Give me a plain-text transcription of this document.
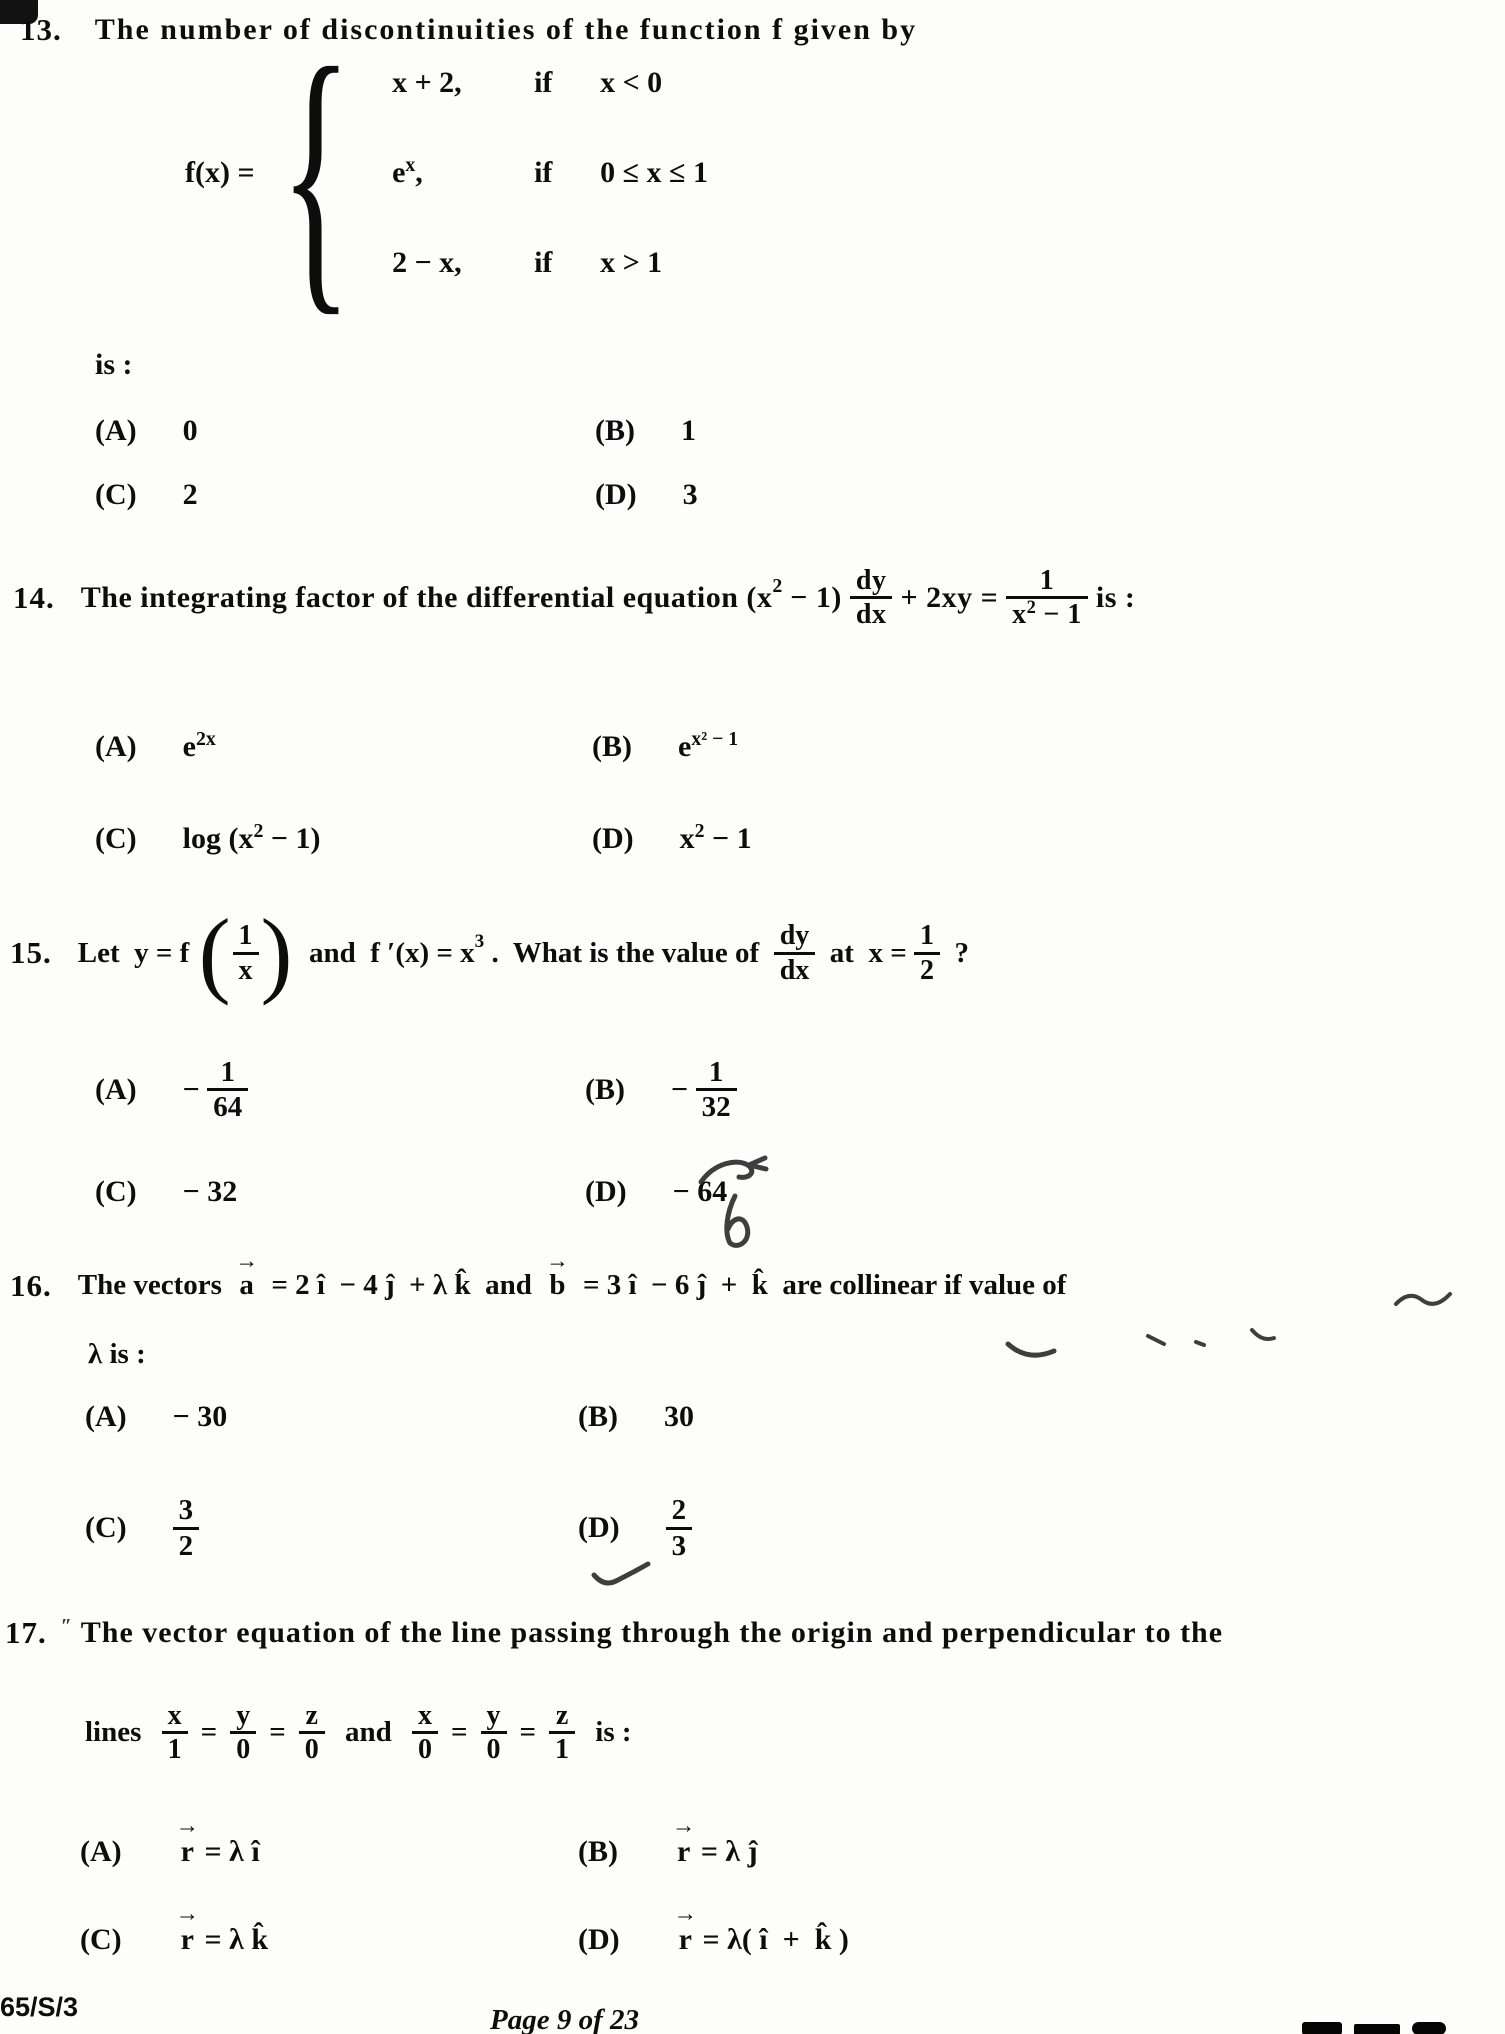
13. The number of discontinuities of the function f given by
f(x) = { x + 2,	if	x < 0
$e^x$,	if	0 ≤ x ≤ 1
2 − x,	if	x > 1
is :
(A) 0	(B) 1
(C) 2	(D) 3
14. The integrating factor of the differential equation (x $2 - 1) \frac{dy}{dx} + 2xy = \frac{1}{x^2 - 1}$ is :
(A) $e^{2x}$	(B) $e^{x^2 - 1}$
(C) $\log (x^2 - 1)$	(D) $x^2 - 1$
15. Let  y = f ( $\frac{1}{x}$ ) and  f ′(x) = x 3 .  What is the value of $\frac{dy}{dx}$ at  $x = \frac{1}{2}$ ?
$(A) - \frac{1}{64}$	$(B) - \frac{1}{32}$
(C) − 32	(D) − 64
16. The vectors → a = 2 î  − 4 ĵ  + λ k̂  and → b = 3 î  − 6 ĵ  +  k̂  are collinear if value of
λ is :
(A) − 30	(B) 30
$(C) \frac{3}{2}$	$(D) \frac{2}{3}$
17. ″ The vector equation of the line passing through the origin and perpendicular to the
lines $\frac{x}{1} = \frac{y}{0} = \frac{z}{0}$ and $\frac{x}{0} = \frac{y}{0} = \frac{z}{1}$ is :
(A) → r = λ î	(B) → r = λ ĵ
(C) → r = λ k̂	(D) → r = λ( î  +  k̂ )
65/S/3	Page 9 of 23
